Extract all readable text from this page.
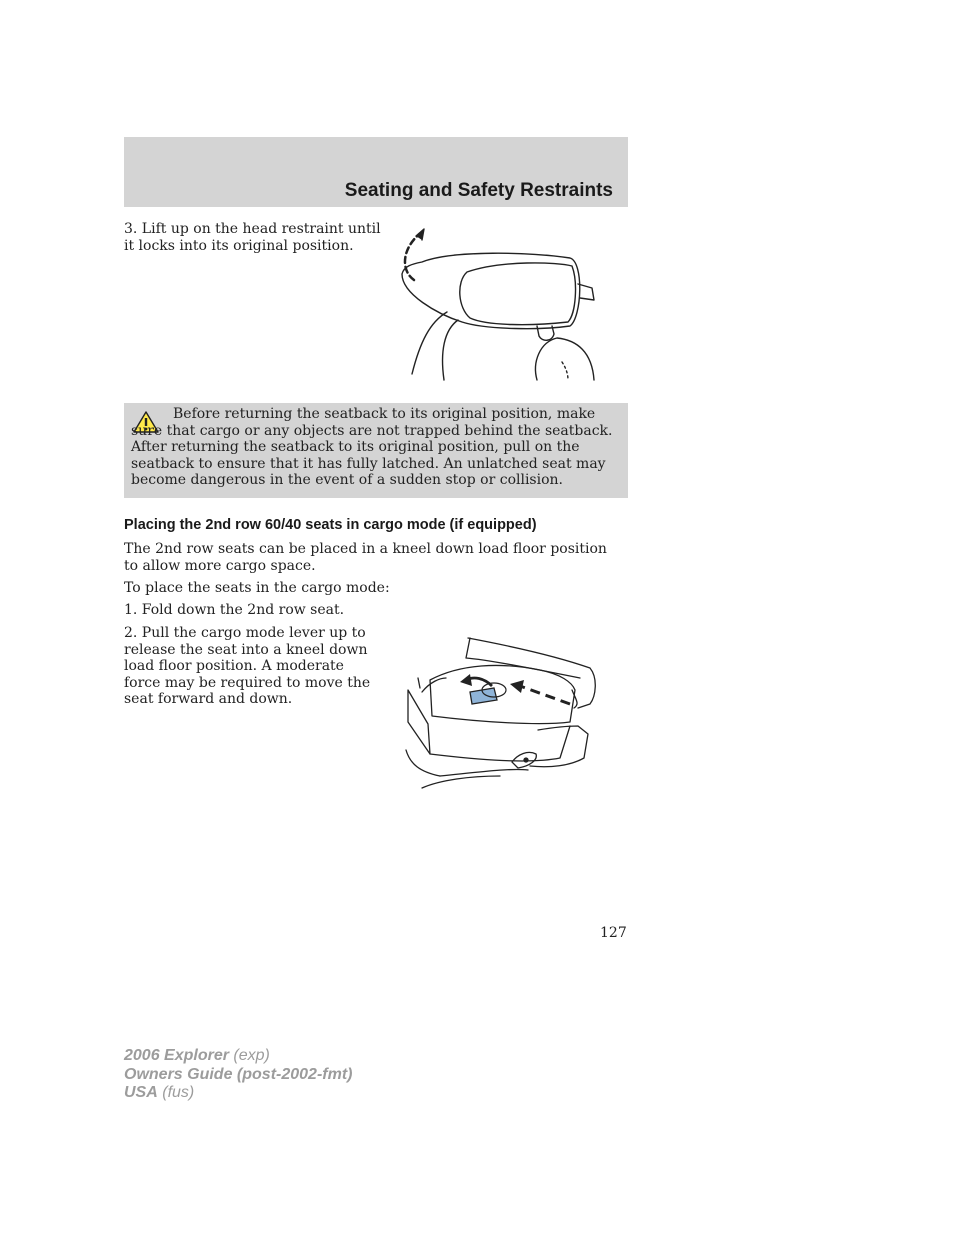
Seating and Safety Restraints

3. Lift up on the head restraint until it locks into its original position.

Before returning the seatback to its original position, make sure that cargo or any objects are not trapped behind the seatback. After returning the seatback to its original position, pull on the seatback to ensure that it has fully latched. An unlatched seat may become dangerous in the event of a sudden stop or collision.

Placing the 2nd row 60/40 seats in cargo mode (if equipped)

The 2nd row seats can be placed in a kneel down load floor position to allow more cargo space.

To place the seats in the cargo mode:

1. Fold down the 2nd row seat.

2. Pull the cargo mode lever up to release the seat into a kneel down load floor position. A moderate force may be required to move the seat forward and down.

127

2006 Explorer (exp)
Owners Guide (post-2002-fmt)
USA (fus)
